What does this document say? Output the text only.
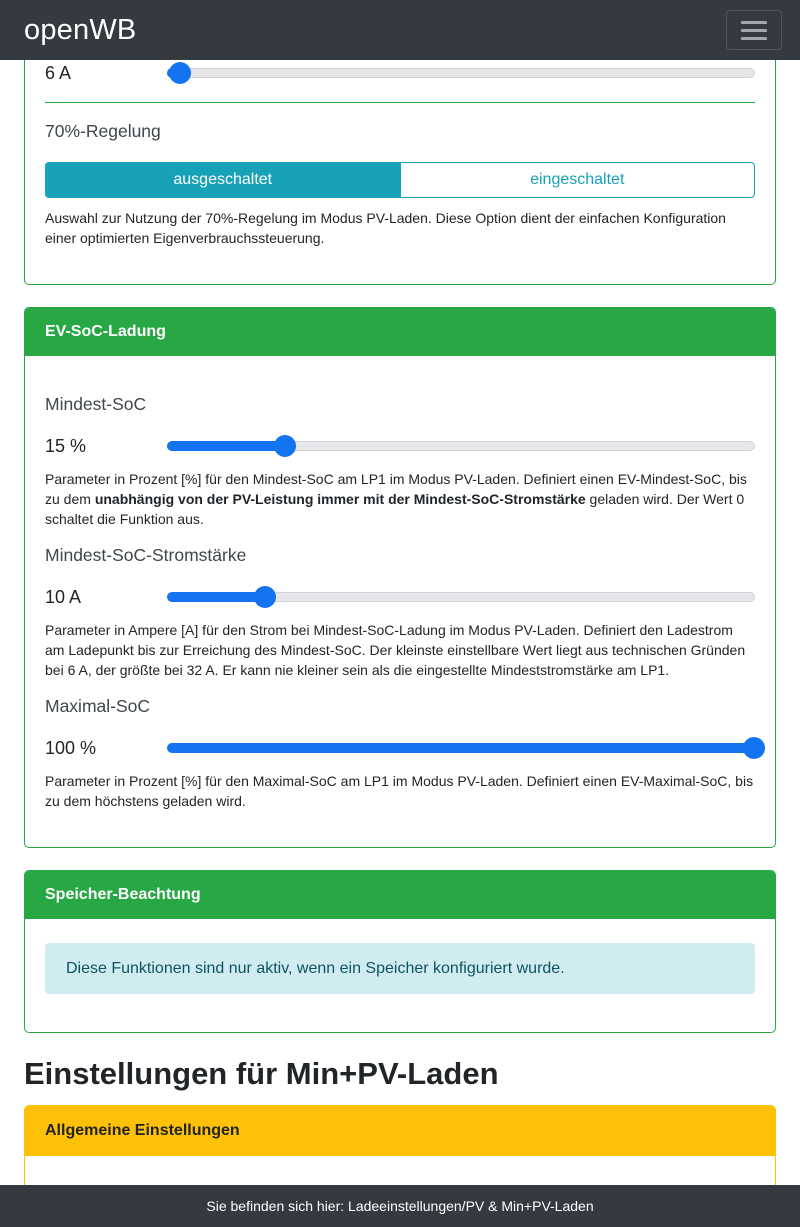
openWB
6 A
70%-Regelung
ausgeschaltet	eingeschaltet

Auswahl zur Nutzung der 70%-Regelung im Modus PV-Laden. Diese Option dient der einfachen Konfiguration einer optimierten Eigenverbrauchssteuerung.

EV-SoC-Ladung
Mindest-SoC
15 %

Parameter in Prozent [%] für den Mindest-SoC am LP1 im Modus PV-Laden. Definiert einen EV-Mindest-SoC, bis zu dem unabhängig von der PV-Leistung immer mit der Mindest-SoC-Stromstärke geladen wird. Der Wert 0 schaltet die Funktion aus.

Mindest-SoC-Stromstärke
10 A

Parameter in Ampere [A] für den Strom bei Mindest-SoC-Ladung im Modus PV-Laden. Definiert den Ladestrom am Ladepunkt bis zur Erreichung des Mindest-SoC. Der kleinste einstellbare Wert liegt aus technischen Gründen bei 6 A, der größte bei 32 A. Er kann nie kleiner sein als die eingestellte Mindeststromstärke am LP1.

Maximal-SoC
100 %

Parameter in Prozent [%] für den Maximal-SoC am LP1 im Modus PV-Laden. Definiert einen EV-Maximal-SoC, bis zu dem höchstens geladen wird.

Speicher-Beachtung
Diese Funktionen sind nur aktiv, wenn ein Speicher konfiguriert wurde.
Einstellungen für Min+PV-Laden
Allgemeine Einstellungen
Sie befinden sich hier: Ladeeinstellungen/PV & Min+PV-Laden
